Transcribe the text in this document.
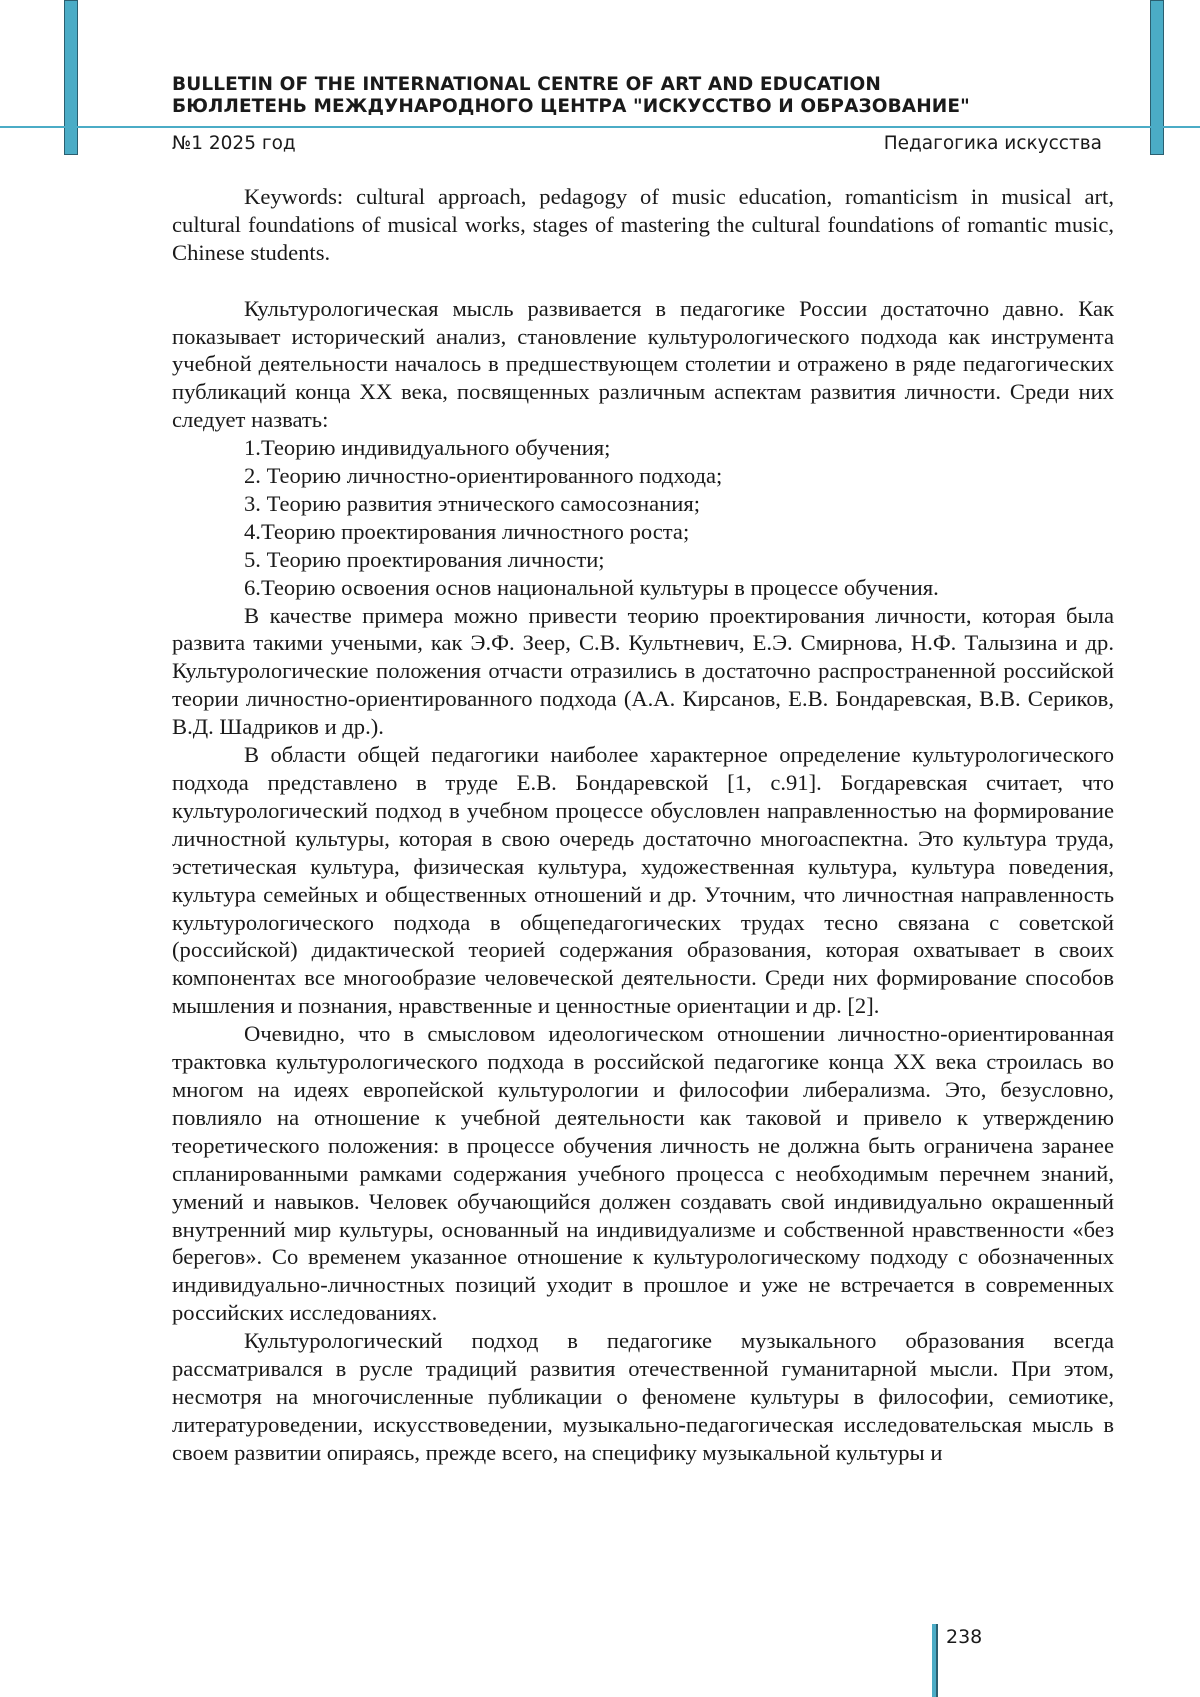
BULLETIN OF THE INTERNATIONAL CENTRE OF ART AND EDUCATION
БЮЛЛЕТЕНЬ МЕЖДУНАРОДНОГО ЦЕНТРА "ИСКУССТВО И ОБРАЗОВАНИЕ"
№1 2025 год	Педагогика искусства

Keywords: cultural approach, pedagogy of music education, romanticism in musical art, cultural foundations of musical works, stages of mastering the cultural foundations of romantic music, Chinese students.

Культурологическая мысль развивается в педагогике России достаточно давно. Как показывает исторический анализ, становление культурологического подхода как инструмента учебной деятельности началось в предшествующем столетии и отражено в ряде педагогических публикаций конца XX века, посвященных различным аспектам развития личности. Среди них следует назвать:

1.Теорию индивидуального обучения;
2. Теорию личностно-ориентированного подхода;
3. Теорию развития этнического самосознания;
4.Теорию проектирования личностного роста;
5. Теорию проектирования личности;
6.Теорию освоения основ национальной культуры в процессе обучения.

В качестве примера можно привести теорию проектирования личности, которая была развита такими учеными, как Э.Ф. Зеер, С.В. Культневич, Е.Э. Смирнова, Н.Ф. Талызина и др. Культурологические положения отчасти отразились в достаточно распространенной российской теории личностно-ориентированного подхода (А.А. Кирсанов, Е.В. Бондаревская, В.В. Сериков, В.Д. Шадриков и др.).

В области общей педагогики наиболее характерное определение культурологического подхода представлено в труде Е.В. Бондаревской [1, с.91]. Богдаревская считает, что культурологический подход в учебном процессе обусловлен направленностью на формирование личностной культуры, которая в свою очередь достаточно многоаспектна. Это культура труда, эстетическая культура, физическая культура, художественная культура, культура поведения, культура семейных и общественных отношений и др. Уточним, что личностная направленность культурологического подхода в общепедагогических трудах тесно связана с советской (российской) дидактической теорией содержания образования, которая охватывает в своих компонентах все многообразие человеческой деятельности. Среди них формирование способов мышления и познания, нравственные и ценностные ориентации и др. [2].

Очевидно, что в смысловом идеологическом отношении личностно-ориентированная трактовка культурологического подхода в российской педагогике конца XX века строилась во многом на идеях европейской культурологии и философии либерализма. Это, безусловно, повлияло на отношение к учебной деятельности как таковой и привело к утверждению теоретического положения: в процессе обучения личность не должна быть ограничена заранее спланированными рамками содержания учебного процесса с необходимым перечнем знаний, умений и навыков. Человек обучающийся должен создавать свой индивидуально окрашенный внутренний мир культуры, основанный на индивидуализме и собственной нравственности «без берегов». Со временем указанное отношение к культурологическому подходу с обозначенных индивидуально-личностных позиций уходит в прошлое и уже не встречается в современных российских исследованиях.

Культурологический подход в педагогике музыкального образования всегда рассматривался в русле традиций развития отечественной гуманитарной мысли. При этом, несмотря на многочисленные публикации о феномене культуры в философии, семиотике, литературоведении, искусствоведении, музыкально-педагогическая исследовательская мысль в своем развитии опираясь, прежде всего, на специфику музыкальной культуры и

238
